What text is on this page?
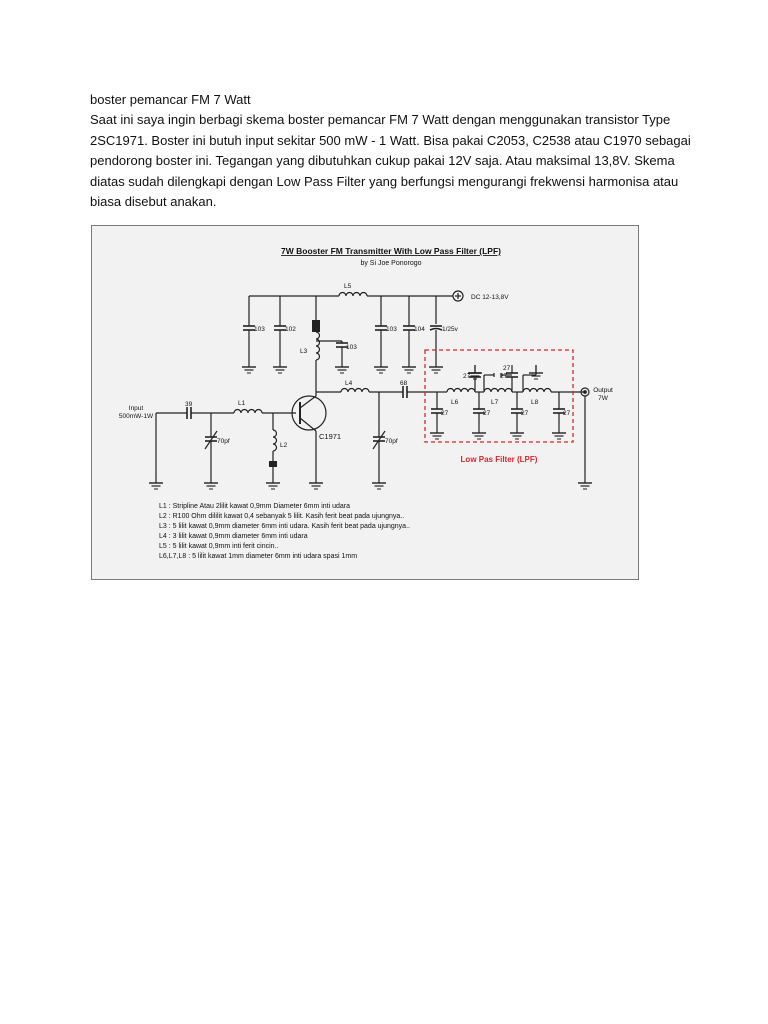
boster pemancar FM 7 Watt
Saat ini saya ingin berbagi skema boster pemancar FM 7 Watt dengan menggunakan transistor Type
2SC1971. Boster ini butuh input sekitar 500 mW - 1 Watt. Bisa pakai C2053, C2538 atau C1970 sebagai
pendorong boster ini. Tegangan yang dibutuhkan cukup pakai 12V saja. Atau maksimal 13,8V. Skema
diatas sudah dilengkapi dengan Low Pass Filter yang berfungsi mengurangi frekwensi harmonisa atau
biasa disebut anakan.
7W Booster FM Transmitter With Low Pass Filter (LPF)
by Si Joe Ponorogo
Low Pas Filter (LPF)
DC 12-13,8V
L5
103	102	103	104	1/25v
103
L3
L4	68
39	L1
L2
70pf	70pf
C1971
Input
500mW-1W
Output
7W
L6	L7	L8
27	27	27	27
27	27
27
L1 : Stripline Atau 2lilit kawat 0,9mm Diameter 6mm inti udara
L2 : R100 Ohm dililit kawat 0,4 sebanyak 5 lilit. Kasih ferit beat pada ujungnya..
L3 : 5 lilit kawat 0,9mm diameter 6mm inti udara. Kasih ferit beat pada ujungnya..
L4 : 3 lilit kawat 0,9mm diameter 6mm inti udara
L5 : 5 lilit kawat 0,9mm inti ferit cincin..
L6,L7,L8 : 5 lilit kawat 1mm diameter 6mm inti udara spasi 1mm
